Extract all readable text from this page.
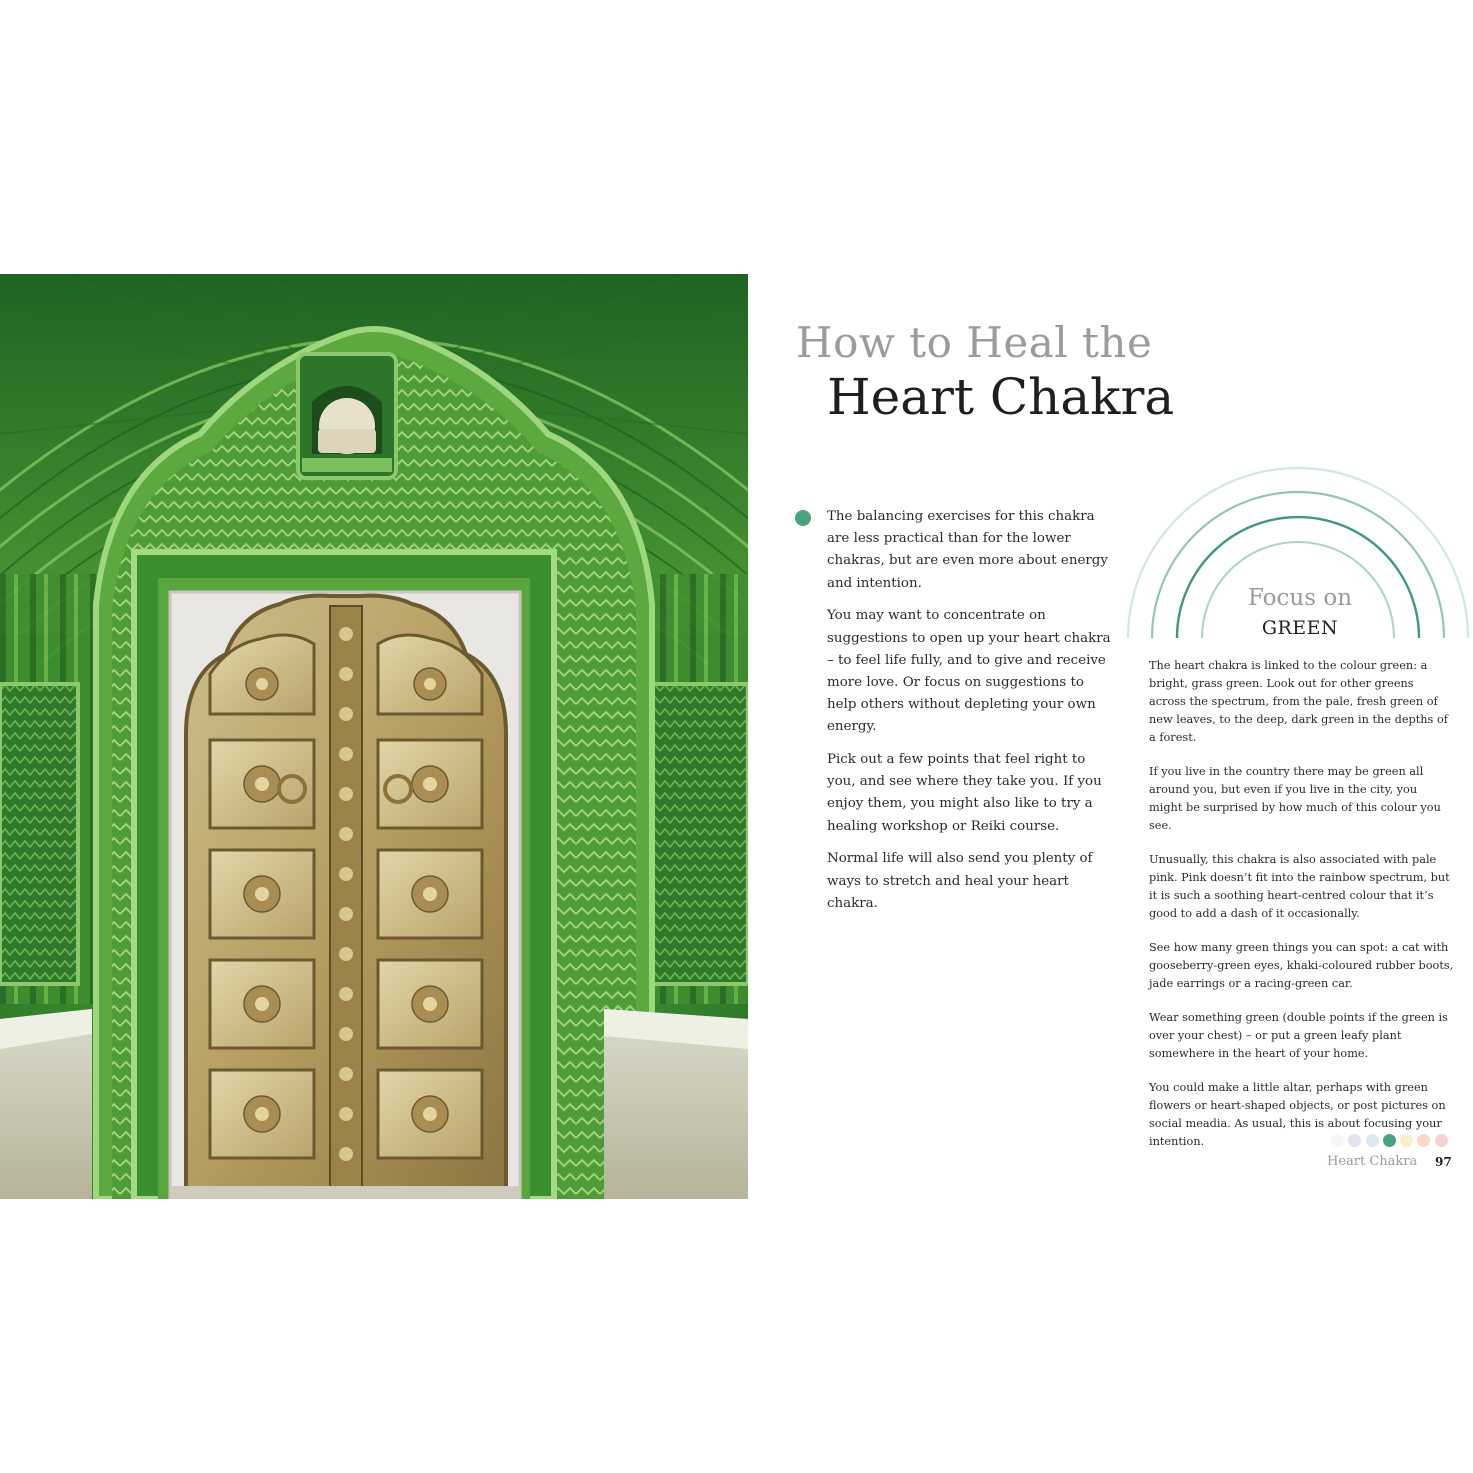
How to Heal the
Heart Chakra

The balancing exercises for this chakra are less practical than for the lower chakras, but are even more about energy and intention.

You may want to concentrate on suggestions to open up your heart chakra – to feel life fully, and to give and receive more love. Or focus on suggestions to help others without depleting your own energy.

Pick out a few points that feel right to you, and see where they take you. If you enjoy them, you might also like to try a healing workshop or Reiki course.

Normal life will also send you plenty of ways to stretch and heal your heart chakra.

Focus on
GREEN

The heart chakra is linked to the colour green: a bright, grass green. Look out for other greens across the spectrum, from the pale, fresh green of new leaves, to the deep, dark green in the depths of a forest.

If you live in the country there may be green all around you, but even if you live in the city, you might be surprised by how much of this colour you see.

Unusually, this chakra is also associated with pale pink. Pink doesn’t fit into the rainbow spectrum, but it is such a soothing heart-centred colour that it’s good to add a dash of it occasionally.

See how many green things you can spot: a cat with gooseberry-green eyes, khaki-coloured rubber boots, jade earrings or a racing-green car.

Wear something green (double points if the green is over your chest) – or put a green leafy plant somewhere in the heart of your home.

You could make a little altar, perhaps with green flowers or heart-shaped objects, or post pictures on social meadia. As usual, this is about focusing your intention.

Heart Chakra 97
